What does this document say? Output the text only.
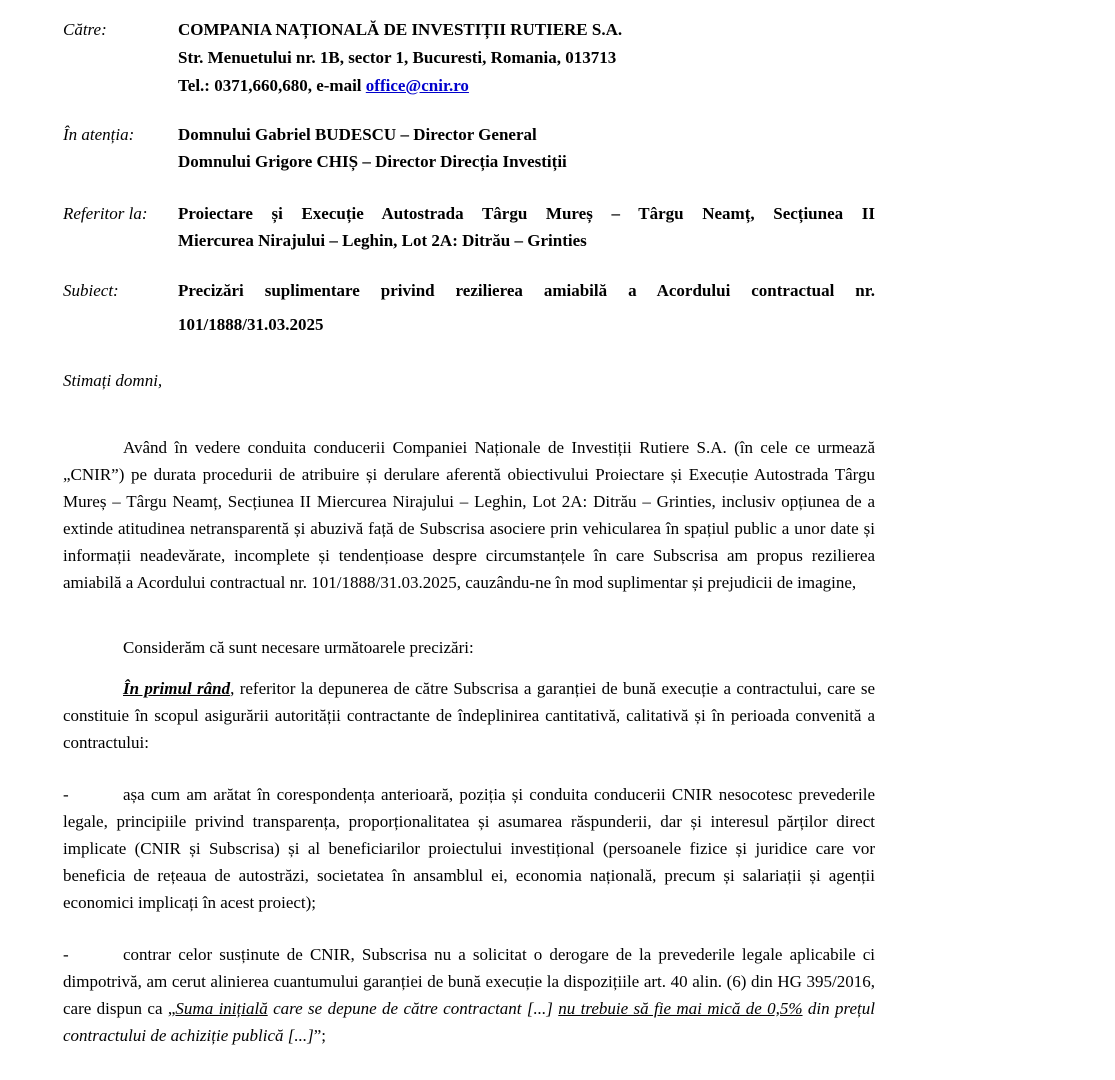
Către:	COMPANIA NAȚIONALĂ DE INVESTIȚII RUTIERE S.A.
Str. Menuetului nr. 1B, sector 1, Bucuresti, Romania, 013713
Tel.: 0371,660,680, e-mail office@cnir.ro
În atenția:	Domnului Gabriel BUDESCU – Director General
Domnului Grigore CHIȘ – Director Direcția Investiții
Referitor la:	Proiectare și Execuție Autostrada Târgu Mureș – Târgu Neamț, Secțiunea II
Miercurea Nirajului – Leghin, Lot 2A: Ditrău – Grinties
Subiect:	Precizări suplimentare privind rezilierea amiabilă a Acordului contractual nr.
101/1888/31.03.2025
Stimați domni,

Având în vedere conduita conducerii Companiei Naționale de Investiții Rutiere S.A. (în cele ce urmează „CNIR”) pe durata procedurii de atribuire și derulare aferentă obiectivului Proiectare și Execuție Autostrada Târgu Mureș – Târgu Neamț, Secțiunea II Miercurea Nirajului – Leghin, Lot 2A: Ditrău – Grinties, inclusiv opțiunea de a extinde atitudinea netransparentă și abuzivă față de Subscrisa asociere prin vehicularea în spațiul public a unor date și informații neadevărate, incomplete și tendențioase despre circumstanțele în care Subscrisa am propus rezilierea amiabilă a Acordului contractual nr. 101/1888/31.03.2025, cauzându-ne în mod suplimentar și prejudicii de imagine,

Considerăm că sunt necesare următoarele precizări:

În primul rând, referitor la depunerea de către Subscrisa a garanției de bună execuție a contractului, care se constituie în scopul asigurării autorității contractante de îndeplinirea cantitativă, calitativă și în perioada convenită a contractului:

-	așa cum am arătat în corespondența anterioară, poziția și conduita conducerii CNIR nesocotesc prevederile legale, principiile privind transparența, proporționalitatea și asumarea răspunderii, dar și interesul părților direct implicate (CNIR și Subscrisa) și al beneficiarilor proiectului investițional (persoanele fizice și juridice care vor beneficia de rețeaua de autostrăzi, societatea în ansamblul ei, economia națională, precum și salariații și agenții economici implicați în acest proiect);

-	contrar celor susținute de CNIR, Subscrisa nu a solicitat o derogare de la prevederile legale aplicabile ci dimpotrivă, am cerut alinierea cuantumului garanției de bună execuție la dispozițiile art. 40 alin. (6) din HG 395/2016, care dispun ca „Suma inițială care se depune de către contractant [...] nu trebuie să fie mai mică de 0,5% din prețul contractului de achiziție publică [...]”;
